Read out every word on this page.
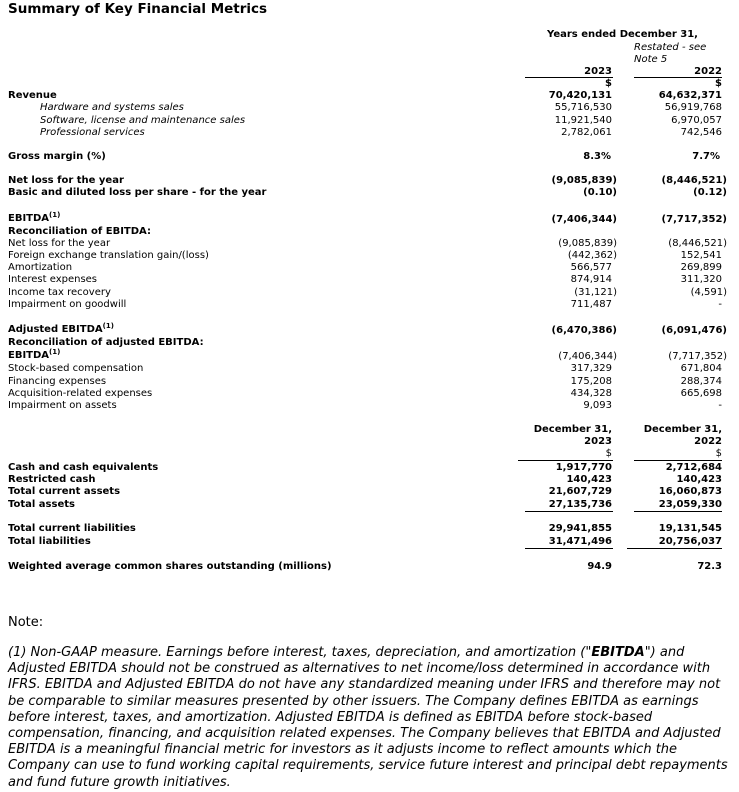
Summary of Key Financial Metrics
Years ended December 31,
Restated - see
Note 5
2023	2022
$	$
Revenue	70,420,131	64,632,371
Hardware and systems sales	55,716,530	56,919,768
Software, license and maintenance sales	11,921,540	6,970,057
Professional services	2,782,061	742,546
Gross margin (%)	8.3%	7.7%
Net loss for the year	(9,085,839)	(8,446,521)
Basic and diluted loss per share - for the year	(0.10)	(0.12)
EBITDA$^{(1)}$	(7,406,344)	(7,717,352)
Reconciliation of EBITDA:
Net loss for the year	(9,085,839)	(8,446,521)
Foreign exchange translation gain/(loss)	(442,362)	152,541
Amortization	566,577	269,899
Interest expenses	874,914	311,320
Income tax recovery	(31,121)	(4,591)
Impairment on goodwill	711,487	-
Adjusted EBITDA$^{(1)}$	(6,470,386)	(6,091,476)
Reconciliation of adjusted EBITDA:
EBITDA$^{(1)}$	(7,406,344)	(7,717,352)
Stock-based compensation	317,329	671,804
Financing expenses	175,208	288,374
Acquisition-related expenses	434,328	665,698
Impairment on assets	9,093	-
December 31,	December 31,
2023	2022
$	$
Cash and cash equivalents	1,917,770	2,712,684
Restricted cash	140,423	140,423
Total current assets	21,607,729	16,060,873
Total assets	27,135,736	23,059,330
Total current liabilities	29,941,855	19,131,545
Total liabilities	31,471,496	20,756,037
Weighted average common shares outstanding (millions)	94.9	72.3
Note:
(1) Non-GAAP measure. Earnings before interest, taxes, depreciation, and amortization ("EBITDA") and Adjusted EBITDA should not be construed as alternatives to net income/loss determined in accordance with IFRS. EBITDA and Adjusted EBITDA do not have any standardized meaning under IFRS and therefore may not be comparable to similar measures presented by other issuers. The Company defines EBITDA as earnings before interest, taxes, and amortization. Adjusted EBITDA is defined as EBITDA before stock-based compensation, financing, and acquisition related expenses. The Company believes that EBITDA and Adjusted EBITDA is a meaningful financial metric for investors as it adjusts income to reflect amounts which the Company can use to fund working capital requirements, service future interest and principal debt repayments and fund future growth initiatives.
